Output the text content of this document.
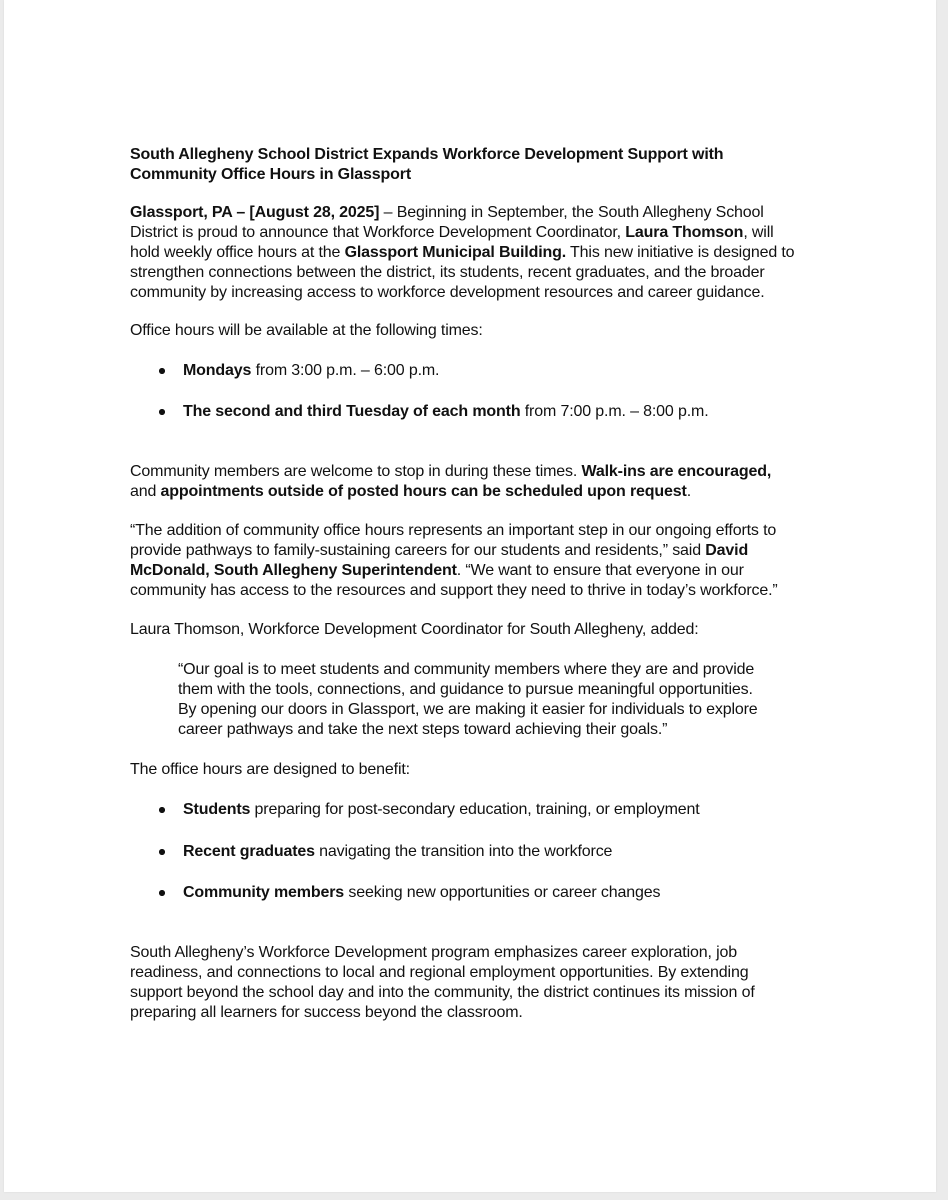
South Allegheny School District Expands Workforce Development Support with
Community Office Hours in Glassport
Glassport, PA – [August 28, 2025] – Beginning in September, the South Allegheny School
District is proud to announce that Workforce Development Coordinator, Laura Thomson, will
hold weekly office hours at the Glassport Municipal Building. This new initiative is designed to
strengthen connections between the district, its students, recent graduates, and the broader
community by increasing access to workforce development resources and career guidance.
Office hours will be available at the following times:
Mondays from 3:00 p.m. – 6:00 p.m.
The second and third Tuesday of each month from 7:00 p.m. – 8:00 p.m.
Community members are welcome to stop in during these times. Walk-ins are encouraged,
and appointments outside of posted hours can be scheduled upon request.
“The addition of community office hours represents an important step in our ongoing efforts to
provide pathways to family-sustaining careers for our students and residents,” said David
McDonald, South Allegheny Superintendent. “We want to ensure that everyone in our
community has access to the resources and support they need to thrive in today’s workforce.”
Laura Thomson, Workforce Development Coordinator for South Allegheny, added:
“Our goal is to meet students and community members where they are and provide
them with the tools, connections, and guidance to pursue meaningful opportunities.
By opening our doors in Glassport, we are making it easier for individuals to explore
career pathways and take the next steps toward achieving their goals.”
The office hours are designed to benefit:
Students preparing for post-secondary education, training, or employment
Recent graduates navigating the transition into the workforce
Community members seeking new opportunities or career changes
South Allegheny’s Workforce Development program emphasizes career exploration, job
readiness, and connections to local and regional employment opportunities. By extending
support beyond the school day and into the community, the district continues its mission of
preparing all learners for success beyond the classroom.
